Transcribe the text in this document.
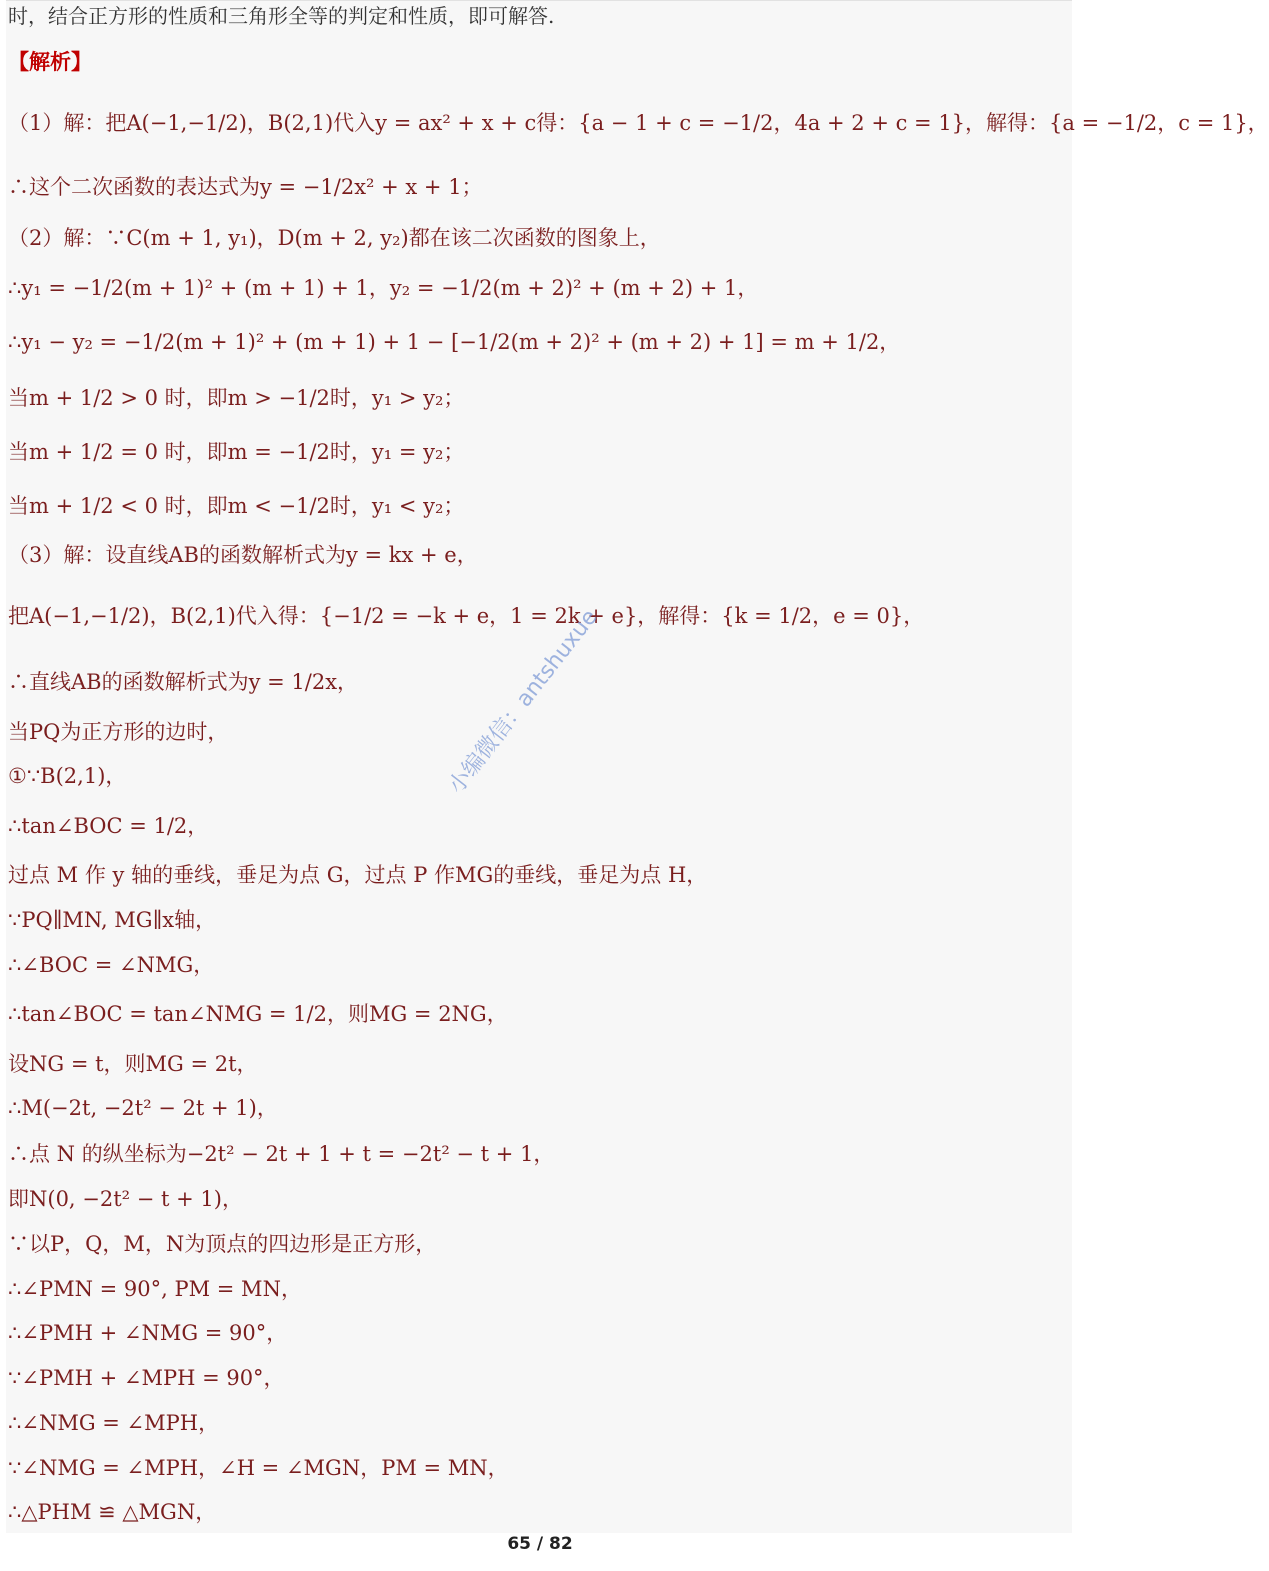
时，结合正方形的性质和三角形全等的判定和性质，即可解答.
【解析】
（1）解：把A(−1,−1/2)，B(2,1)代入y = ax² + x + c得：{a − 1 + c = −1/2，4a + 2 + c = 1}，解得：{a = −1/2，c = 1}，
∴这个二次函数的表达式为y = −1/2x² + x + 1；
（2）解：∵C(m + 1, y₁)，D(m + 2, y₂)都在该二次函数的图象上，
∴y₁ = −1/2(m + 1)² + (m + 1) + 1，y₂ = −1/2(m + 2)² + (m + 2) + 1，
∴y₁ − y₂ = −1/2(m + 1)² + (m + 1) + 1 − [−1/2(m + 2)² + (m + 2) + 1] = m + 1/2，
当m + 1/2 > 0 时，即m > −1/2时，y₁ > y₂；
当m + 1/2 = 0 时，即m = −1/2时，y₁ = y₂；
当m + 1/2 < 0 时，即m < −1/2时，y₁ < y₂；
（3）解：设直线AB的函数解析式为y = kx + e，
把A(−1,−1/2)，B(2,1)代入得：{−1/2 = −k + e，1 = 2k + e}，解得：{k = 1/2，e = 0}，
∴直线AB的函数解析式为y = 1/2x，
当PQ为正方形的边时，
①∵B(2,1)，
∴tan∠BOC = 1/2，
过点 M 作 y 轴的垂线，垂足为点 G，过点 P 作MG的垂线，垂足为点 H，
∵PQ∥MN, MG∥x轴，
∴∠BOC = ∠NMG，
∴tan∠BOC = tan∠NMG = 1/2，则MG = 2NG，
设NG = t，则MG = 2t，
∴M(−2t, −2t² − 2t + 1)，
∴点 N 的纵坐标为−2t² − 2t + 1 + t = −2t² − t + 1，
即N(0, −2t² − t + 1)，
∵以P，Q，M，N为顶点的四边形是正方形，
∴∠PMN = 90°, PM = MN，
∴∠PMH + ∠NMG = 90°，
∵∠PMH + ∠MPH = 90°，
∴∠NMG = ∠MPH，
∵∠NMG = ∠MPH，∠H = ∠MGN，PM = MN，
∴△PHM ≌ △MGN，
小编微信：antshuxue
65 / 82
